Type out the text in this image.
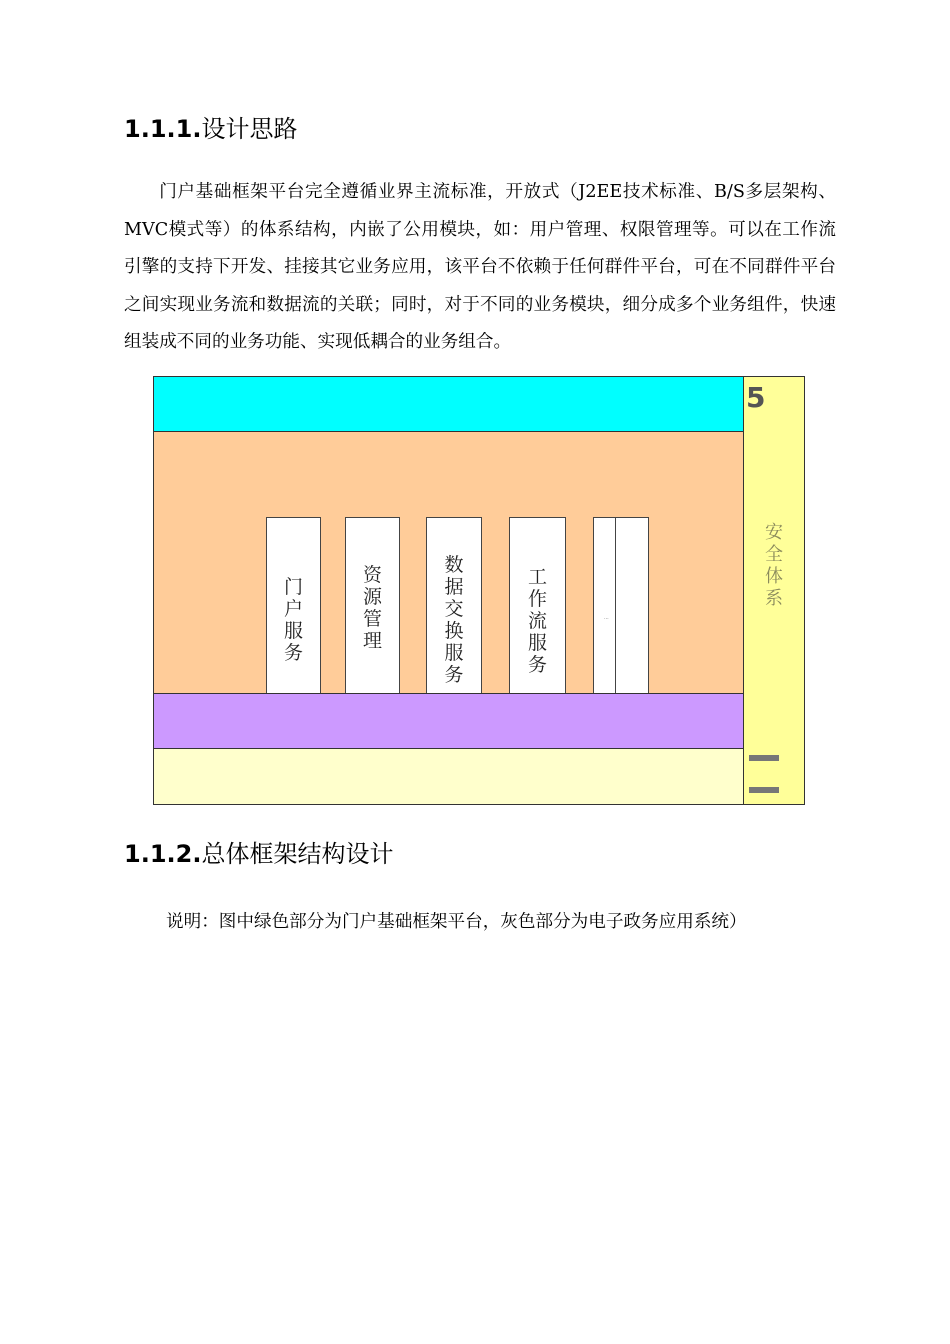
1.1.1.设计思路
门户基础框架平台完全遵循业界主流标准，开放式（J2EE技术标准、B/S多层架构、MVC模式等）的体系结构，内嵌了公用模块，如：用户管理、权限管理等。可以在工作流引擎的支持下开发、挂接其它业务应用，该平台不依赖于任何群件平台，可在不同群件平台之间实现业务流和数据流的关联；同时，对于不同的业务模块，细分成多个业务组件，快速组装成不同的业务功能、实现低耦合的业务组合。
门
户
服
务
资
源
管
理
数
据
交
换
服
务
工
作
流
服
务
···
5
安
全
体
系
1.1.2.总体框架结构设计
说明：图中绿色部分为门户基础框架平台，灰色部分为电子政务应用系统）
